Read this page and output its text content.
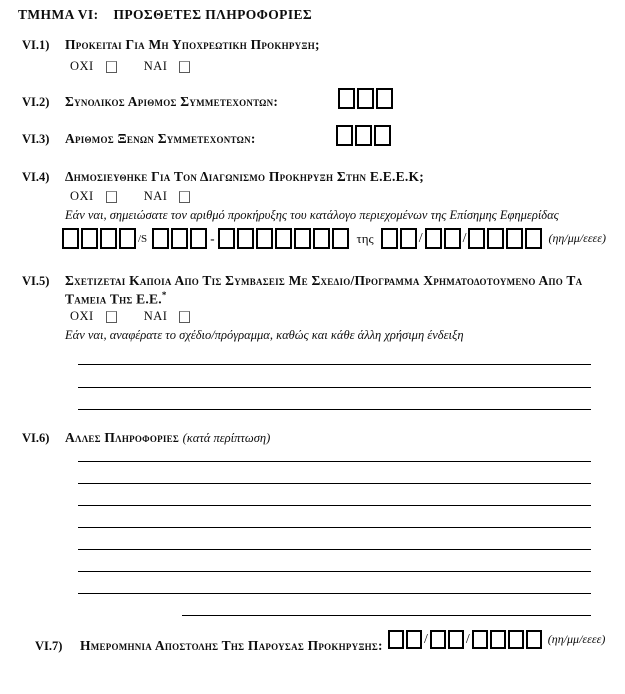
ΤΜΗΜΑ VI: ΠΡΟΣΘΕΤΕΣ ΠΛΗΡΟΦΟΡΙΕΣ
VI.1) Προκειται Για Μη Υποχρεωτικη Προκηρυξη;
ΟΧΙ	ΝΑΙ
VI.2) Συνολικος Αριθμος Συμμετεχοντων:
VI.3) Αριθμος Ξενων Συμμετεχοντων:
VI.4) Δημοσιευθηκε Για Τον Διαγωνισμο Προκηρυξη Στην Ε.Ε.Ε.Κ;
ΟΧΙ	ΝΑΙ
Εάν ναι, σημειώσατε τον αριθμό προκήρυξης του κατάλογο περιεχομένων της Επίσημης Εφημερίδας
/S	-	της	/	/	(ηη/μμ/εεεε)
VI.5) Σχετιζεται Καποια Απο Τις Συμβασεις Με Σχεδιο/Προγραμμα Χρηματοδοτουμενο Απο Τα
Ταμεια Της Ε.Ε.*
ΟΧΙ	ΝΑΙ
Εάν ναι, αναφέρατε το σχέδιο/πρόγραμμα, καθώς και κάθε άλλη χρήσιμη ένδειξη
VI.6) Αλλες Πληροφοριες (κατά περίπτωση)
VI.7) Ημερομηνια Αποστολης Της Παρουσας Προκηρυξης:	/	/	(ηη/μμ/εεεε)
